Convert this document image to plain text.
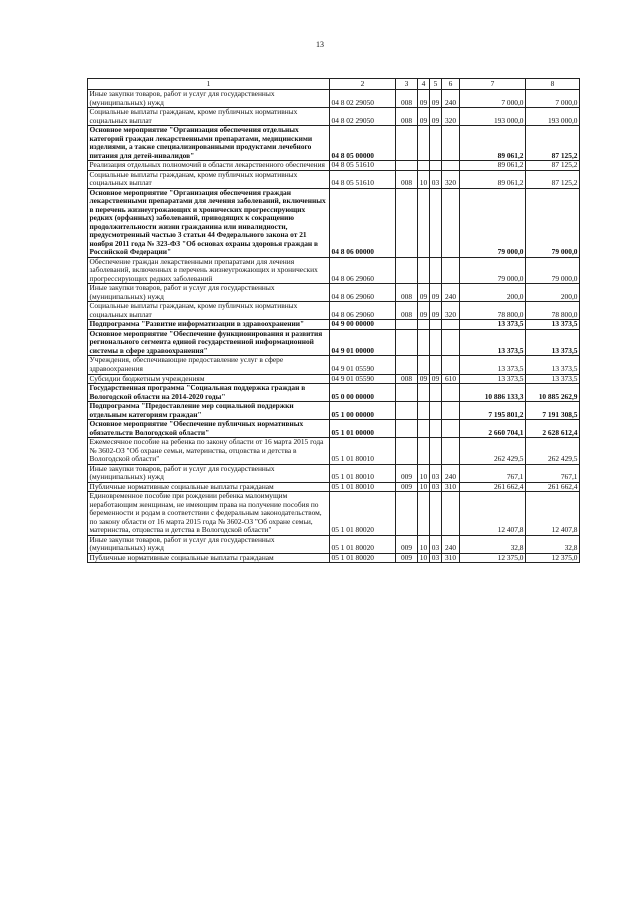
13
1	2	3	4	5	6	7	8
Иные закупки товаров, работ и услуг для государственных (муниципальных) нужд	04 8 02 29050	008	09	09	240	7 000,0	7 000,0
Социальные выплаты гражданам, кроме публичных нормативных социальных выплат	04 8 02 29050	008	09	09	320	193 000,0	193 000,0
Основное мероприятие "Организация обеспечения отдельных категорий граждан лекарственными препаратами, медицинскими изделиями, а также специализированными продуктами лечебного питания для детей-инвалидов"	04 8 05 00000					89 061,2	87 125,2
Реализация отдельных полномочий в области лекарственного обеспечения	04 8 05 51610					89 061,2	87 125,2
Социальные выплаты гражданам, кроме публичных нормативных социальных выплат	04 8 05 51610	008	10	03	320	89 061,2	87 125,2
Основное мероприятие "Организация обеспечения граждан лекарственными препаратами для лечения заболеваний, включенных в перечень жизнеугрожающих и хронических прогрессирующих редких (орфанных) заболеваний, приводящих к сокращению продолжительности жизни гражданина или инвалидности, предусмотренный частью 3 статьи 44 Федерального закона от 21 ноября 2011 года № 323-ФЗ "Об основах охраны здоровья граждан в Российской Федерации"	04 8 06 00000					79 000,0	79 000,0
Обеспечение граждан лекарственными препаратами для лечения заболеваний, включенных в перечень жизнеугрожающих и хронических прогрессирующих редких заболеваний	04 8 06 29060					79 000,0	79 000,0
Иные закупки товаров, работ и услуг для государственных (муниципальных) нужд	04 8 06 29060	008	09	09	240	200,0	200,0
Социальные выплаты гражданам, кроме публичных нормативных социальных выплат	04 8 06 29060	008	09	09	320	78 800,0	78 800,0
Подпрограмма "Развитие информатизации в здравоохранении"	04 9 00 00000					13 373,5	13 373,5
Основное мероприятие "Обеспечение функционирования и развития регионального сегмента единой государственной информационной системы в сфере здравоохранения"	04 9 01 00000					13 373,5	13 373,5
Учреждения, обеспечивающие предоставление услуг в сфере здравоохранения	04 9 01 05590					13 373,5	13 373,5
Субсидии бюджетным учреждениям	04 9 01 05590	008	09	09	610	13 373,5	13 373,5
Государственная программа "Социальная поддержка граждан в Вологодской области на 2014-2020 годы"	05 0 00 00000					10 886 133,3	10 885 262,9
Подпрограмма "Предоставление мер социальной поддержки отдельным категориям граждан"	05 1 00 00000					7 195 801,2	7 191 308,5
Основное мероприятие "Обеспечение публичных нормативных обязательств Вологодской области"	05 1 01 00000					2 660 704,1	2 628 612,4
Ежемесячное пособие на ребенка по закону области от 16 марта 2015 года № 3602-ОЗ "Об охране семьи, материнства, отцовства и детства в Вологодской области"	05 1 01 80010					262 429,5	262 429,5
Иные закупки товаров, работ и услуг для государственных (муниципальных) нужд	05 1 01 80010	009	10	03	240	767,1	767,1
Публичные нормативные социальные выплаты гражданам	05 1 01 80010	009	10	03	310	261 662,4	261 662,4
Единовременное пособие при рождении ребенка малоимущим неработающим женщинам, не имеющим права на получение пособия по беременности и родам в соответствии с федеральным законодательством, по закону области от 16 марта 2015 года № 3602-ОЗ "Об охране семьи, материнства, отцовства и детства в Вологодской области"	05 1 01 80020					12 407,8	12 407,8
Иные закупки товаров, работ и услуг для государственных (муниципальных) нужд	05 1 01 80020	009	10	03	240	32,8	32,8
Публичные нормативные социальные выплаты гражданам	05 1 01 80020	009	10	03	310	12 375,0	12 375,0
